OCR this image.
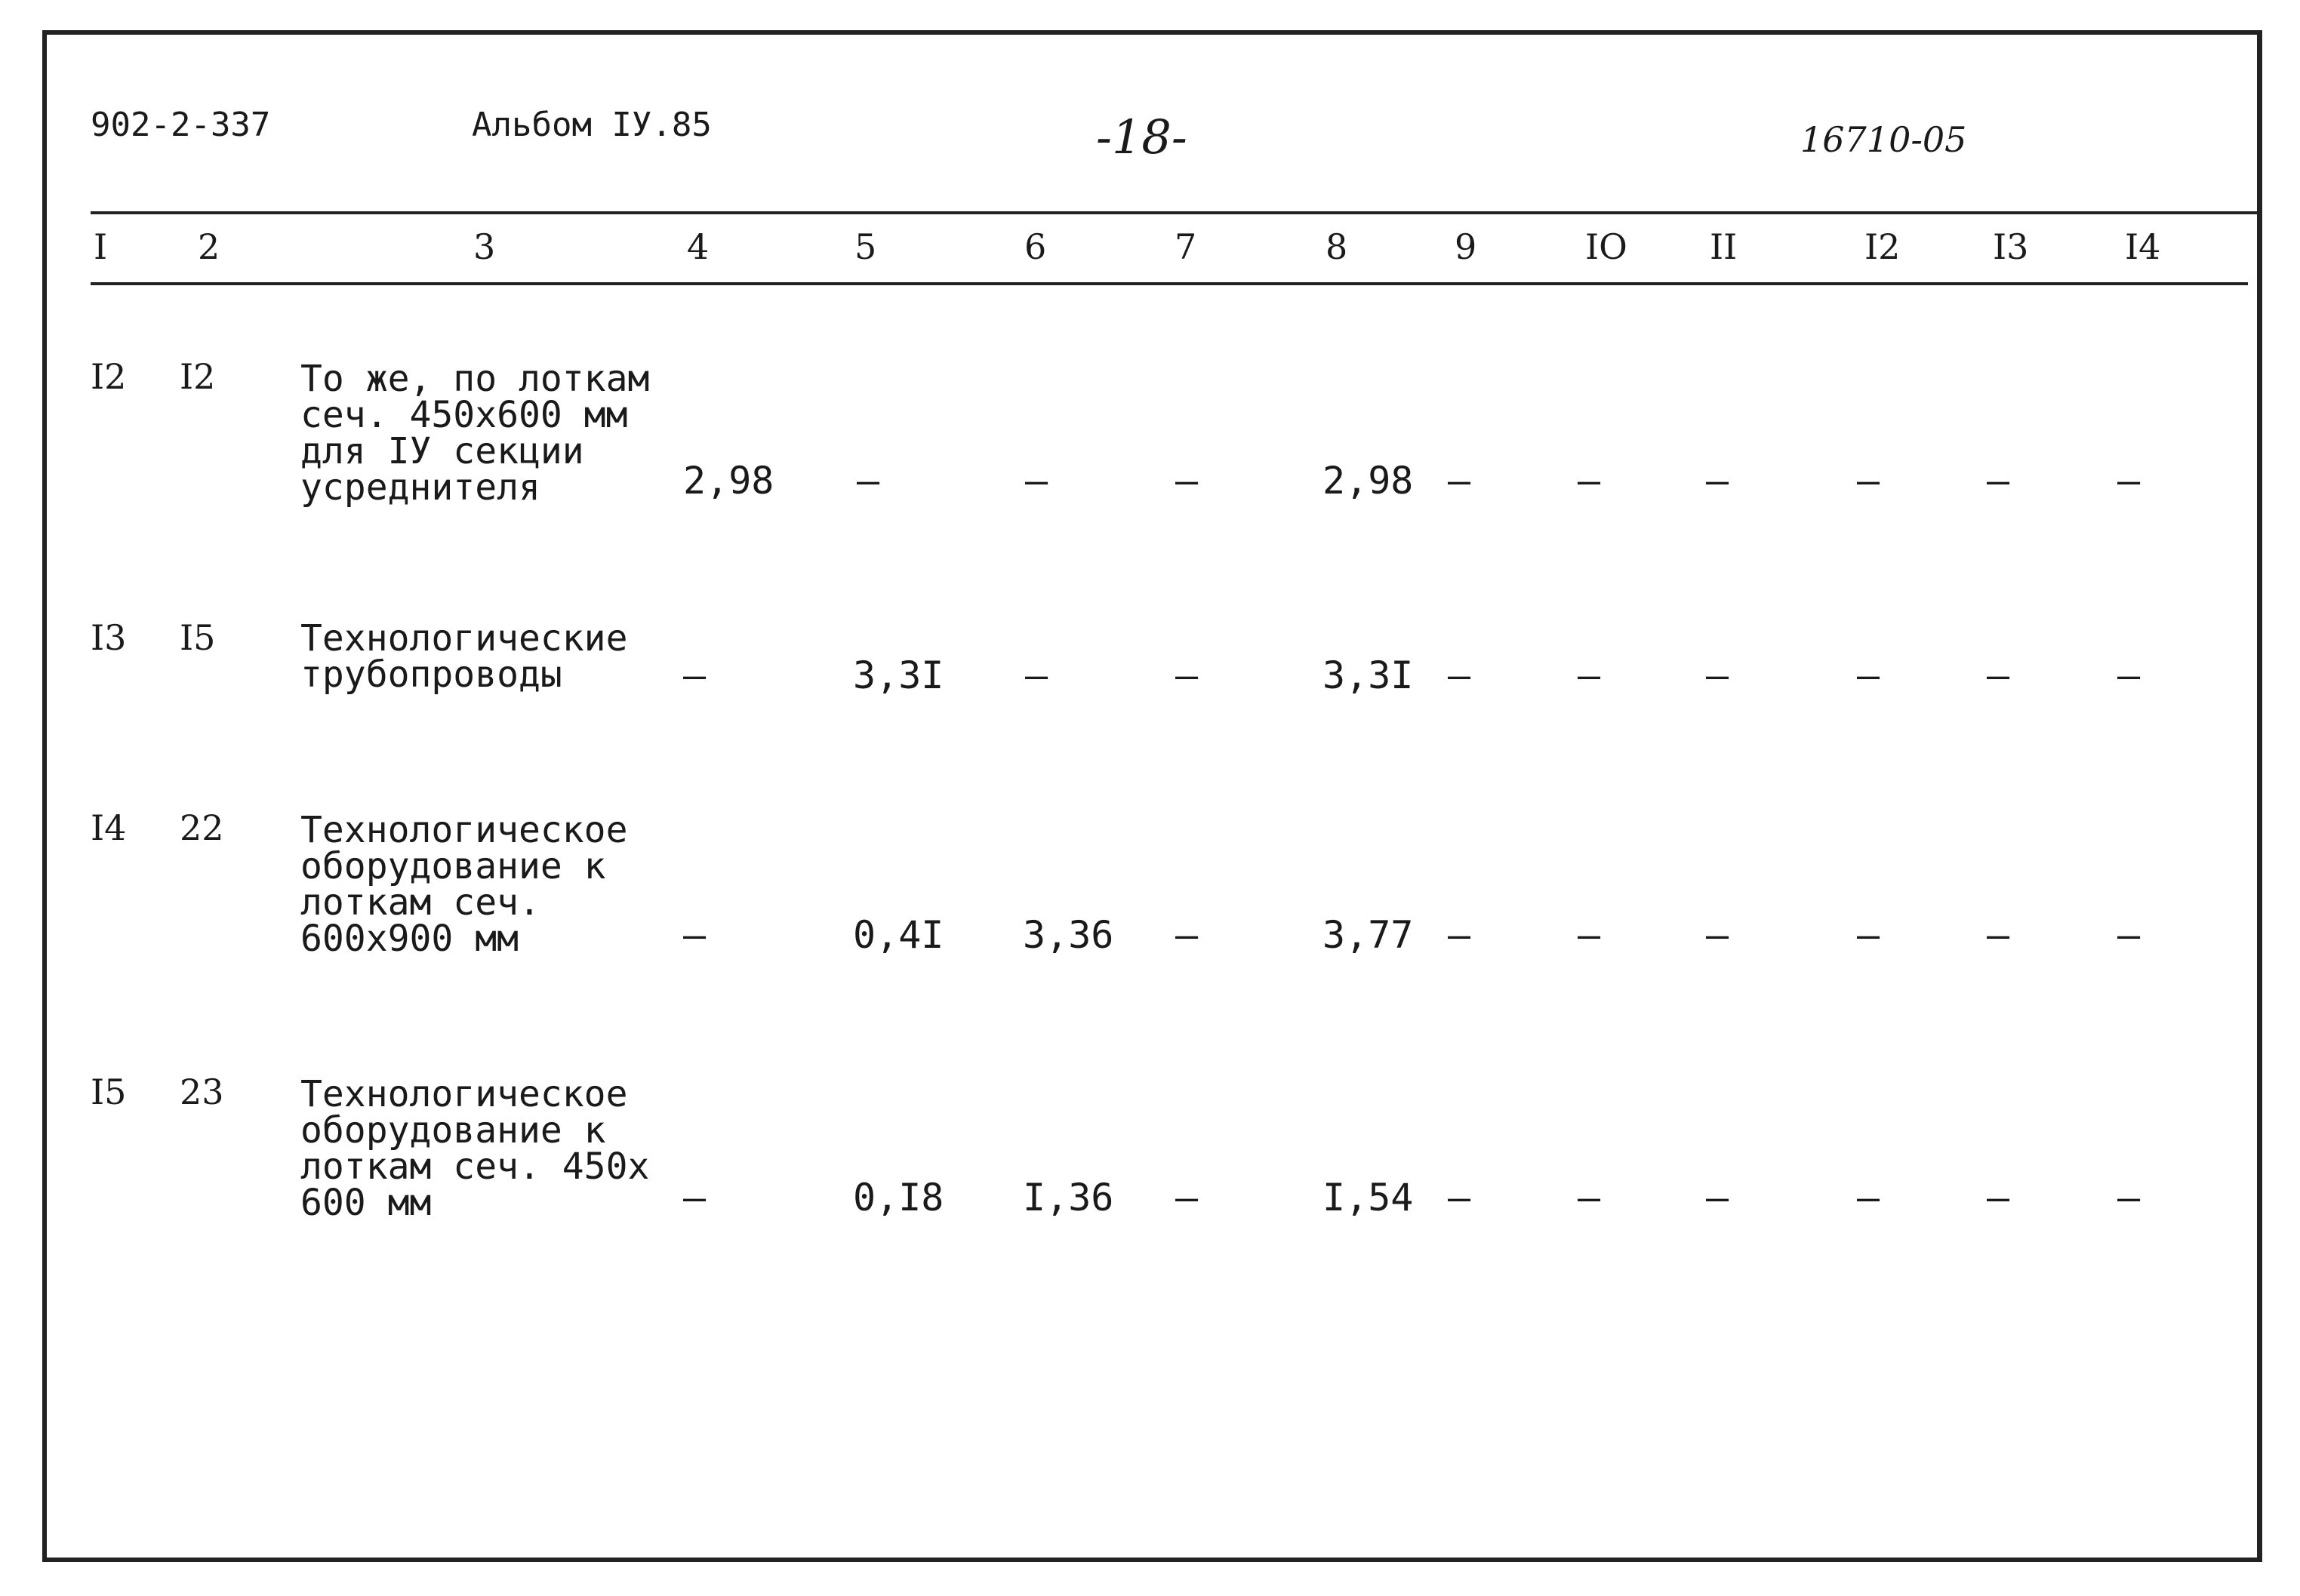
902-2-337	Альбом IУ.85	-18-	16710-05
I	2	3	4	5	6	7	8	9	IO II	I2	I3	I4
I2 I2 То же, по лоткам
сеч. 450х600 мм
для IУ секции
усреднителя	2,98 –	–	–	2,98 –	–	–	–	–	–
I3 I5 Технологические
трубопроводы	–	3,3I –	–	3,3I –	–	–	–	–	–
I4 22 Технологическое
оборудование к
лоткам сеч.
600х900 мм	–	0,4I 3,36 –	3,77 –	–	–	–	–	–
I5 23 Технологическое
оборудование к
лоткам сеч. 450х
600 мм	–	0,I8 I,36 –	I,54 –	–	–	–	–	–
